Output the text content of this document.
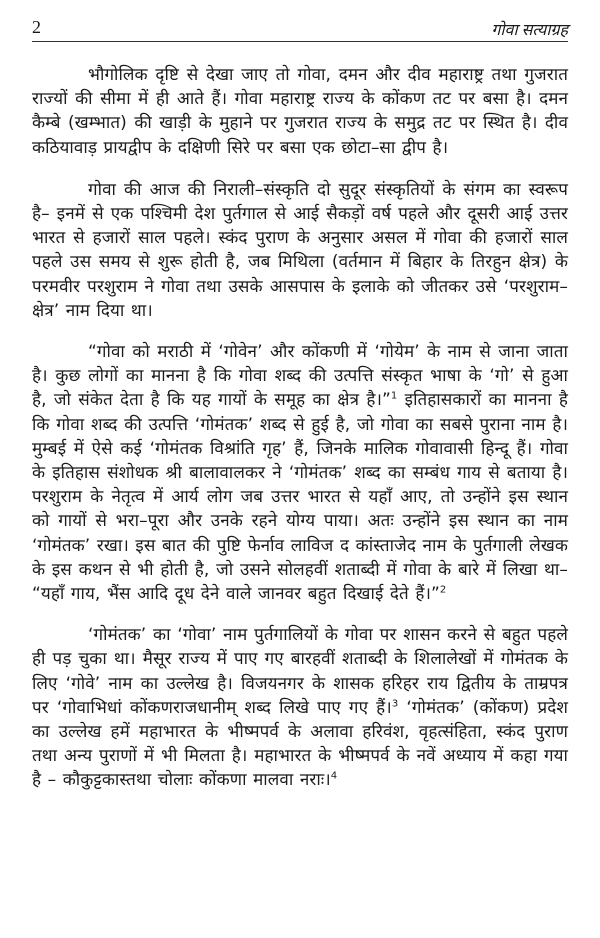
2	गोवा सत्याग्रह

भौगोलिक दृष्टि से देखा जाए तो गोवा, दमन और दीव महाराष्ट्र तथा गुजरात राज्यों की सीमा में ही आते हैं। गोवा महाराष्ट्र राज्य के कोंकण तट पर बसा है। दमन कैम्बे (खम्भात) की खाड़ी के मुहाने पर गुजरात राज्य के समुद्र तट पर स्थित है। दीव कठियावाड़ प्रायद्वीप के दक्षिणी सिरे पर बसा एक छोटा–सा द्वीप है।

गोवा की आज की निराली–संस्कृति दो सुदूर संस्कृतियों के संगम का स्वरूप है– इनमें से एक पश्चिमी देश पुर्तगाल से आई सैकड़ों वर्ष पहले और दूसरी आई उत्तर भारत से हजारों साल पहले। स्कंद पुराण के अनुसार असल में गोवा की हजारों साल पहले उस समय से शुरू होती है, जब मिथिला (वर्तमान में बिहार के तिरहुन क्षेत्र) के परमवीर परशुराम ने गोवा तथा उसके आसपास के इलाके को जीतकर उसे ‘परशुराम–क्षेत्र’ नाम दिया था।

“गोवा को मराठी में ‘गोवेन’ और कोंकणी में ‘गोयेम’ के नाम से जाना जाता है। कुछ लोगों का मानना है कि गोवा शब्द की उत्पत्ति संस्कृत भाषा के ‘गो’ से हुआ है, जो संकेत देता है कि यह गायों के समूह का क्षेत्र है।”$^1$ इतिहासकारों का मानना है कि गोवा शब्द की उत्पत्ति ‘गोमंतक’ शब्द से हुई है, जो गोवा का सबसे पुराना नाम है। मुम्बई में ऐसे कई ‘गोमंतक विश्रांति गृह’ हैं, जिनके मालिक गोवावासी हिन्दू हैं। गोवा के इतिहास संशोधक श्री बालावालकर ने ‘गोमंतक’ शब्द का सम्बंध गाय से बताया है। परशुराम के नेतृत्व में आर्य लोग जब उत्तर भारत से यहाँ आए, तो उन्होंने इस स्थान को गायों से भरा–पूरा और उनके रहने योग्य पाया। अतः उन्होंने इस स्थान का नाम ‘गोमंतक’ रखा। इस बात की पुष्टि फेर्नाव लाविज द कांस्ताजेद नाम के पुर्तगाली लेखक के इस कथन से भी होती है, जो उसने सोलहवीं शताब्दी में गोवा के बारे में लिखा था– “यहाँ गाय, भैंस आदि दूध देने वाले जानवर बहुत दिखाई देते हैं।”$^2$

‘गोमंतक’ का ‘गोवा’ नाम पुर्तगालियों के गोवा पर शासन करने से बहुत पहले ही पड़ चुका था। मैसूर राज्य में पाए गए बारहवीं शताब्दी के शिलालेखों में गोमंतक के लिए ‘गोवे’ नाम का उल्लेख है। विजयनगर के शासक हरिहर राय द्वितीय के ताम्रपत्र पर ‘गोवाभिधां कोंकणराजधानीम् शब्द लिखे पाए गए हैं।$^3$ ‘गोमंतक’ (कोंकण) प्रदेश का उल्लेख हमें महाभारत के भीष्मपर्व के अलावा हरिवंश, वृहत्संहिता, स्कंद पुराण तथा अन्य पुराणों में भी मिलता है। महाभारत के भीष्मपर्व के नवें अध्याय में कहा गया है – कौकुट्टकास्तथा चोलाः कोंकणा मालवा नराः।$^4$
